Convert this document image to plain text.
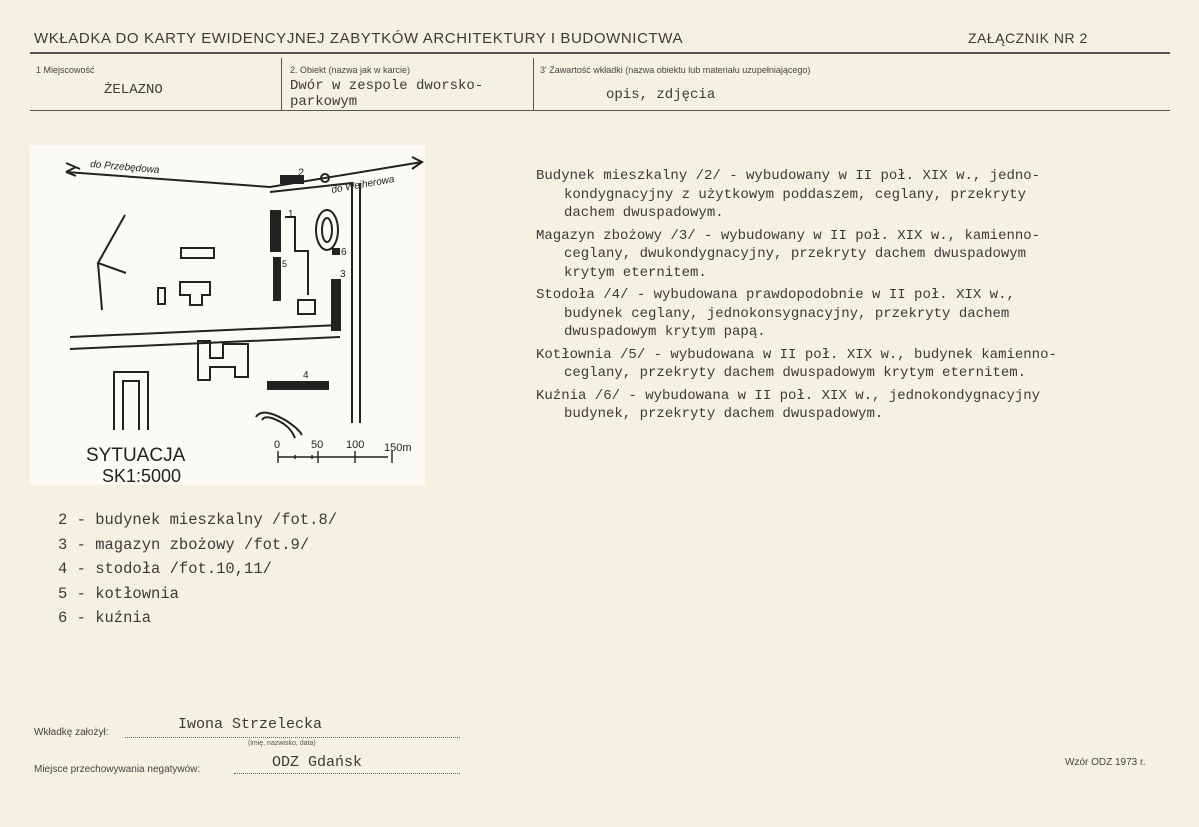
WKŁADKA DO KARTY EWIDENCYJNEJ ZABYTKÓW ARCHITEKTURY I BUDOWNICTWA	ZAŁĄCZNIK NR 2
1 Miejscowość
ŻELAZNO
2. Obiekt (nazwa jak w karcie)
Dwór w zespole dworsko-
parkowym
3' Zawartość wkładki (nazwa obiektu lub materiału uzupełniającego)
opis, zdjęcia
do Przebędowa
do Wejherowa
2
1
6
5
3
4
0	50 100 150m
SYTUACJA
SK1:5000

Budynek mieszkalny /2/ - wybudowany w II poł. XIX w., jedno-
kondygnacyjny z użytkowym poddaszem, ceglany, przekryty
dachem dwuspadowym.

Magazyn zbożowy /3/ - wybudowany w II poł. XIX w., kamienno-
ceglany, dwukondygnacyjny, przekryty dachem dwuspadowym
krytym eternitem.

Stodoła /4/ - wybudowana prawdopodobnie w II poł. XIX w.,
budynek ceglany, jednokonsygnacyjny, przekryty dachem
dwuspadowym krytym papą.

Kotłownia /5/ - wybudowana w II poł. XIX w., budynek kamienno-
ceglany, przekryty dachem dwuspadowym krytym eternitem.

Kuźnia /6/ - wybudowana w II poł. XIX w., jednokondygnacyjny
budynek, przekryty dachem dwuspadowym.

2 - budynek mieszkalny /fot.8/
3 - magazyn zbożowy /fot.9/
4 - stodoła /fot.10,11/
5 - kotłownia
6 - kuźnia
Wkładkę założył:	Iwona Strzelecka
(imię, nazwisko, data)
Miejsce przechowywania negatywów:	ODZ Gdańsk	Wzór ODZ 1973 r.
